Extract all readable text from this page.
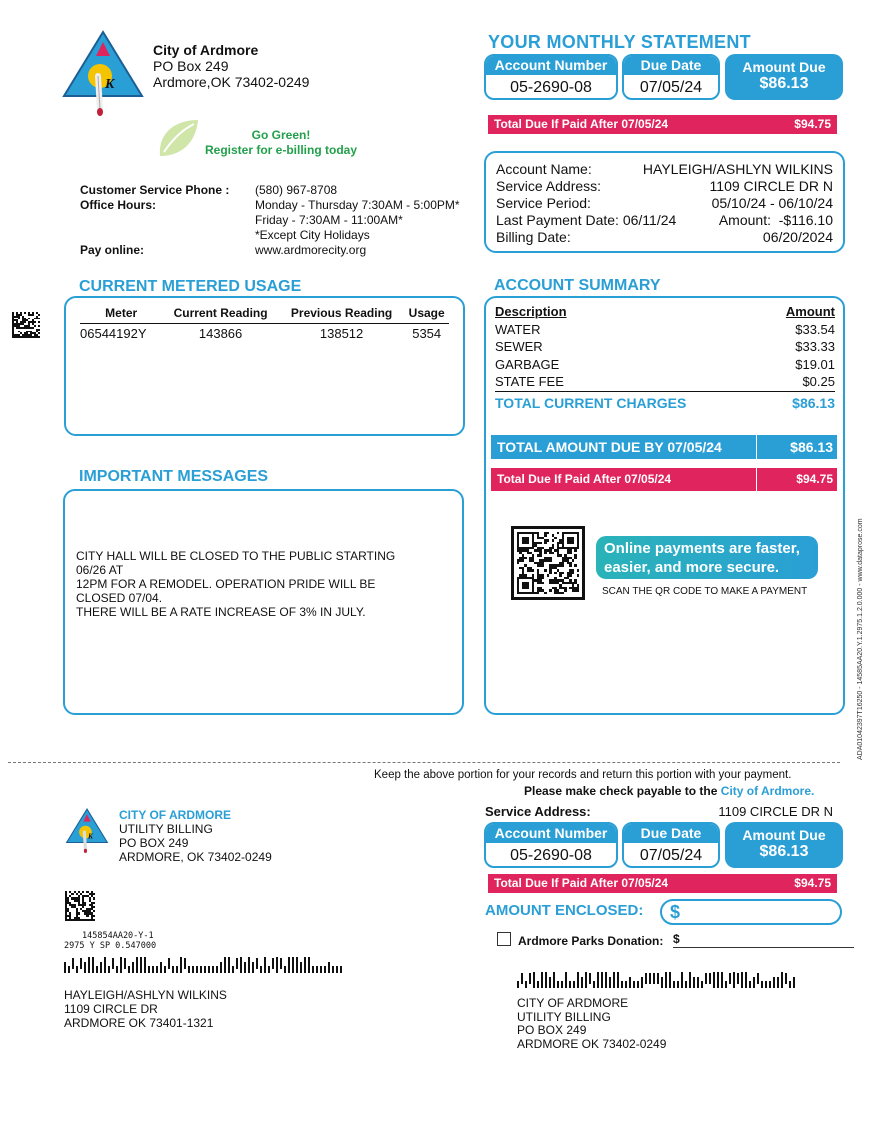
K
City of Ardmore
PO Box 249
Ardmore,OK 73402-0249
Go Green!
Register for e-billing today
Customer Service Phone :	(580) 967-8708
Office Hours:	Monday - Thursday 7:30AM - 5:00PM*
Friday - 7:30AM - 11:00AM*
*Except City Holidays
Pay online:	www.ardmorecity.org
YOUR MONTHLY STATEMENT
Account Number
05-2690-08
Due Date
07/05/24
Amount Due
$86.13
Total Due If Paid After 07/05/24	$94.75
Account Name:	HAYLEIGH/ASHLYN WILKINS
Service Address:	1109 CIRCLE DR N
Service Period:	05/10/24 - 06/10/24
Last Payment Date: 06/11/24	Amount: -$116.10
Billing Date:	06/20/2024
CURRENT METERED USAGE
Meter	Current Reading	Previous Reading	Usage
06544192Y	143866	138512	5354
ACCOUNT SUMMARY
Description	Amount
WATER	$33.54
SEWER	$33.33
GARBAGE	$19.01
STATE FEE	$0.25
TOTAL CURRENT CHARGES	$86.13
TOTAL AMOUNT DUE BY 07/05/24	$86.13
Total Due If Paid After 07/05/24	$94.75
Online payments are faster,
easier, and more secure.
SCAN THE QR CODE TO MAKE A PAYMENT
IMPORTANT MESSAGES
CITY HALL WILL BE CLOSED TO THE PUBLIC STARTING
06/26 AT
12PM FOR A REMODEL. OPERATION PRIDE WILL BE
CLOSED 07/04.
THERE WILL BE A RATE INCREASE OF 3% IN JULY.	ADA01042397T16250 - 14585AA20.Y.1.2975.1.2.0.000 - www.dataprose.com
Keep the above portion for your records and return this portion with your payment.
Please make check payable to the City of Ardmore.
K
CITY OF ARDMORE
UTILITY BILLING
PO BOX 249
ARDMORE, OK 73402-0249
145854AA20-Y-1
2975 Y SP 0.547000
HAYLEIGH/ASHLYN WILKINS
1109 CIRCLE DR
ARDMORE OK 73401-1321
Service Address:	1109 CIRCLE DR N
Account Number
05-2690-08
Due Date
07/05/24
Amount Due
$86.13
Total Due If Paid After 07/05/24	$94.75
AMOUNT ENCLOSED:	$
Ardmore Parks Donation: $
CITY OF ARDMORE
UTILITY BILLING
PO BOX 249
ARDMORE OK 73402-0249
